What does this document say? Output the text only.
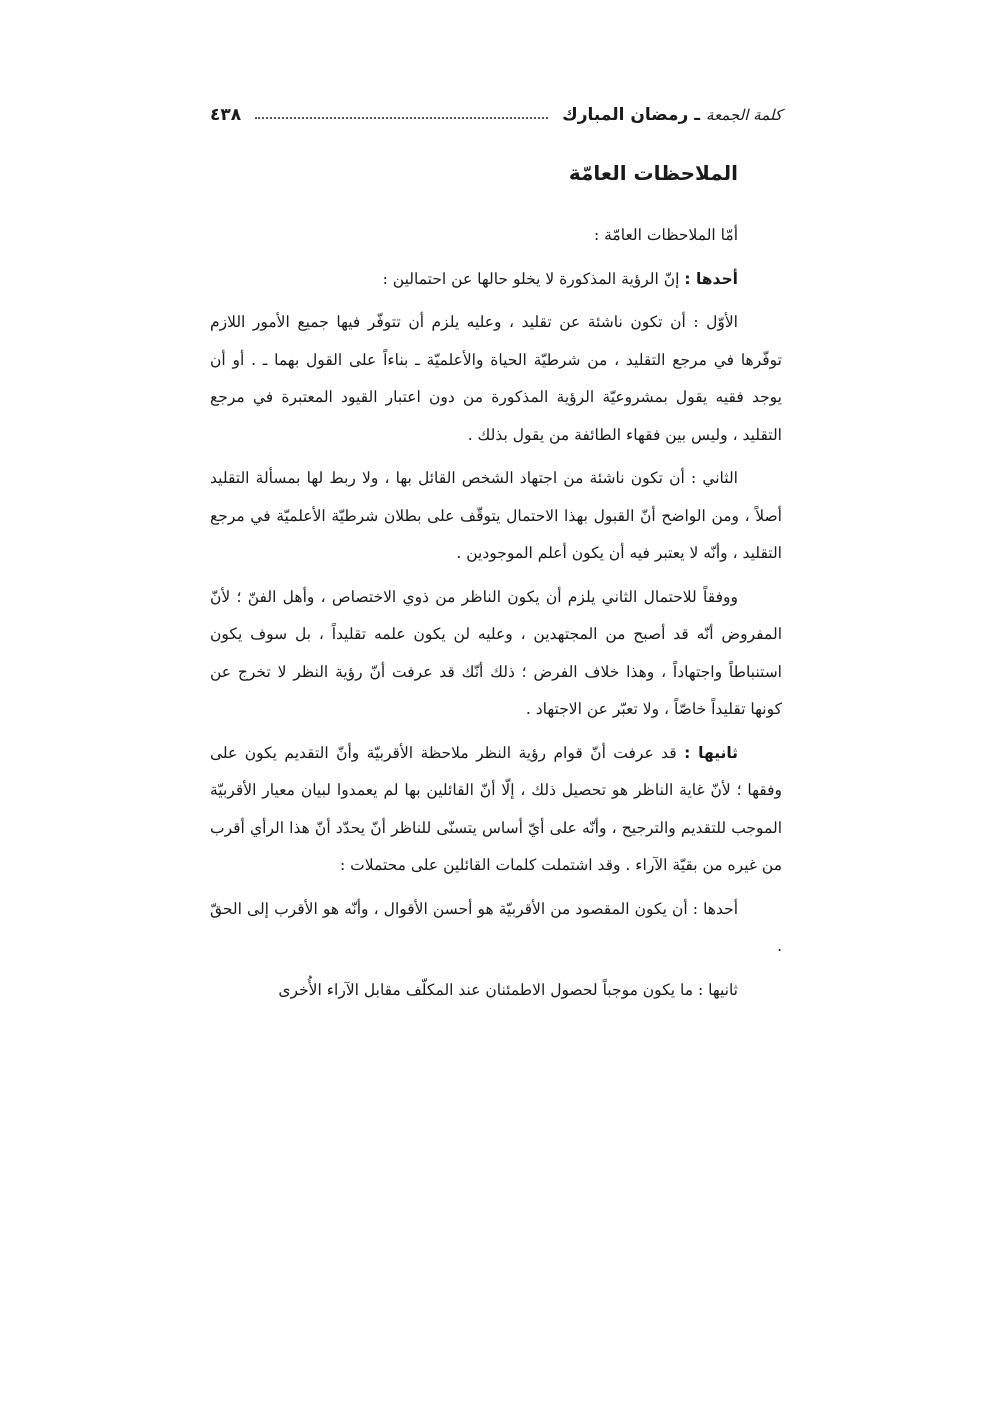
كلمة الجمعة
ـ رمضان المبارك
٤٣٨
الملاحظات العامّة

أمّا الملاحظات العامّة :

أحدها : إنّ الرؤية المذكورة لا يخلو حالها عن احتمالين :

الأوّل : أن تكون ناشئة عن تقليد ، وعليه يلزم أن تتوفّر فيها جميع الأمور اللازم توفّرها في مرجع التقليد ، من شرطيّة الحياة والأعلميّة ـ بناءاً على القول بهما ـ . أو أن يوجد فقيه يقول بمشروعيّة الرؤية المذكورة من دون اعتبار القيود المعتبرة في مرجع التقليد ، وليس بين فقهاء الطائفة من يقول بذلك .

الثاني : أن تكون ناشئة من اجتهاد الشخص القائل بها ، ولا ربط لها بمسألة التقليد أصلاً ، ومن الواضح أنّ القبول بهذا الاحتمال يتوقّف على بطلان شرطيّة الأعلميّة في مرجع التقليد ، وأنّه لا يعتبر فيه أن يكون أعلم الموجودين .

ووفقاً للاحتمال الثاني يلزم أن يكون الناظر من ذوي الاختصاص ، وأهل الفنّ ؛ لأنّ المفروض أنّه قد أصبح من المجتهدين ، وعليه لن يكون علمه تقليداً ، بل سوف يكون استنباطاً واجتهاداً ، وهذا خلاف الفرض ؛ ذلك أنّك قد عرفت أنّ رؤية النظر لا تخرج عن كونها تقليداً خاصّاً ، ولا تعبّر عن الاجتهاد .

ثانيها : قد عرفت أنّ قوام رؤية النظر ملاحظة الأقربيّة وأنّ التقديم يكون على وفقها ؛ لأنّ غاية الناظر هو تحصيل ذلك ، إلّا أنّ القائلين بها لم يعمدوا لبيان معيار الأقربيّة الموجب للتقديم والترجيح ، وأنّه على أيّ أساس يتسنّى للناظر أنّ يحدّد أنّ هذا الرأي أقرب من غيره من بقيّة الآراء . وقد اشتملت كلمات القائلين على محتملات :

أحدها : أن يكون المقصود من الأقربيّة هو أحسن الأقوال ، وأنّه هو الأقرب إلى الحقّ .

ثانيها : ما يكون موجباً لحصول الاطمئنان عند المكلّف مقابل الآراء الأُخرى
